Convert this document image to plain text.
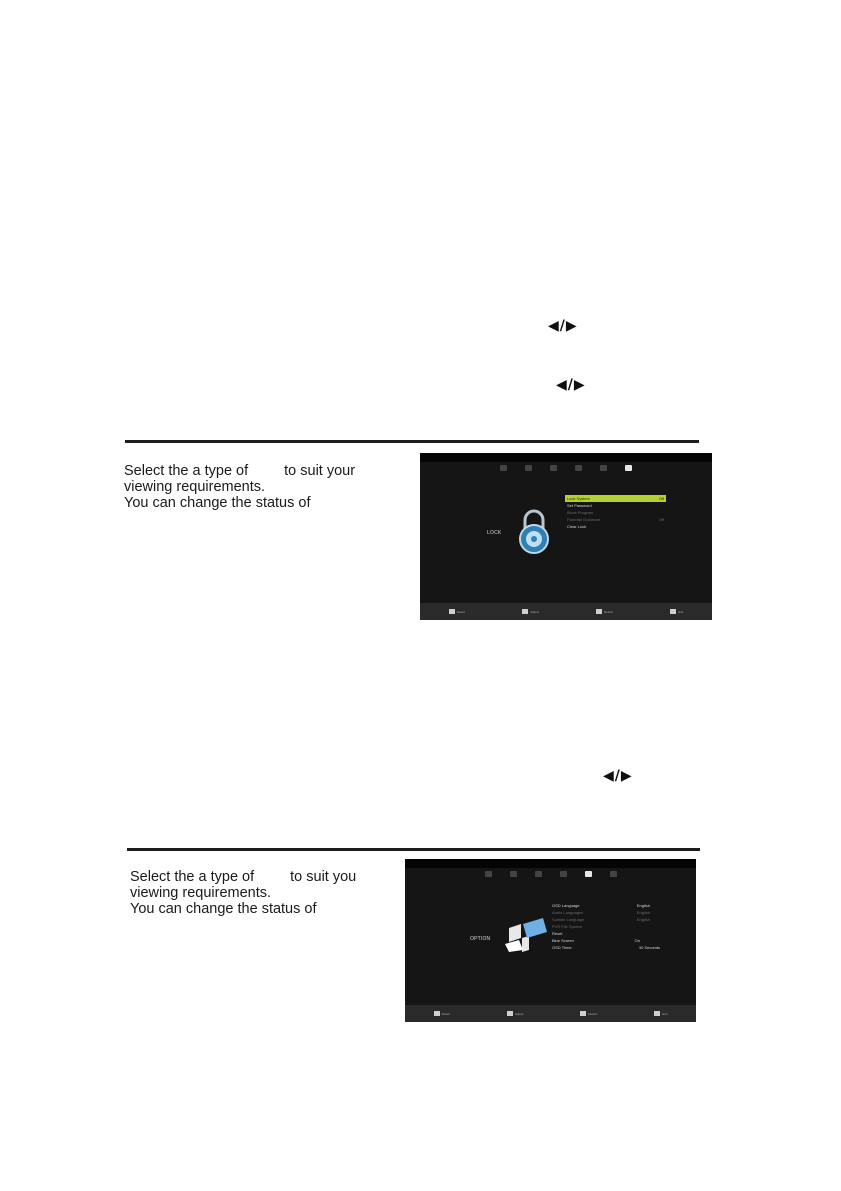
◀/▶
◀/▶
◀/▶
Select the a type of to suit your
viewing requirements.
You can change the status of
LOCK
Lock System	Off
Set Password
Block Program
Parental Guidance	Off
Clear Lock
Select	Adjust	Return	Exit
Select the a type of to suit you
viewing requirements.
You can change the status of
OPTION
OSD Language	English
Audio Languages	English
Subtitle Language	English
PVR File System
Reset
Blue Screen	On
OSD Timer	30 Seconds
Select	Adjust	Return	Exit
